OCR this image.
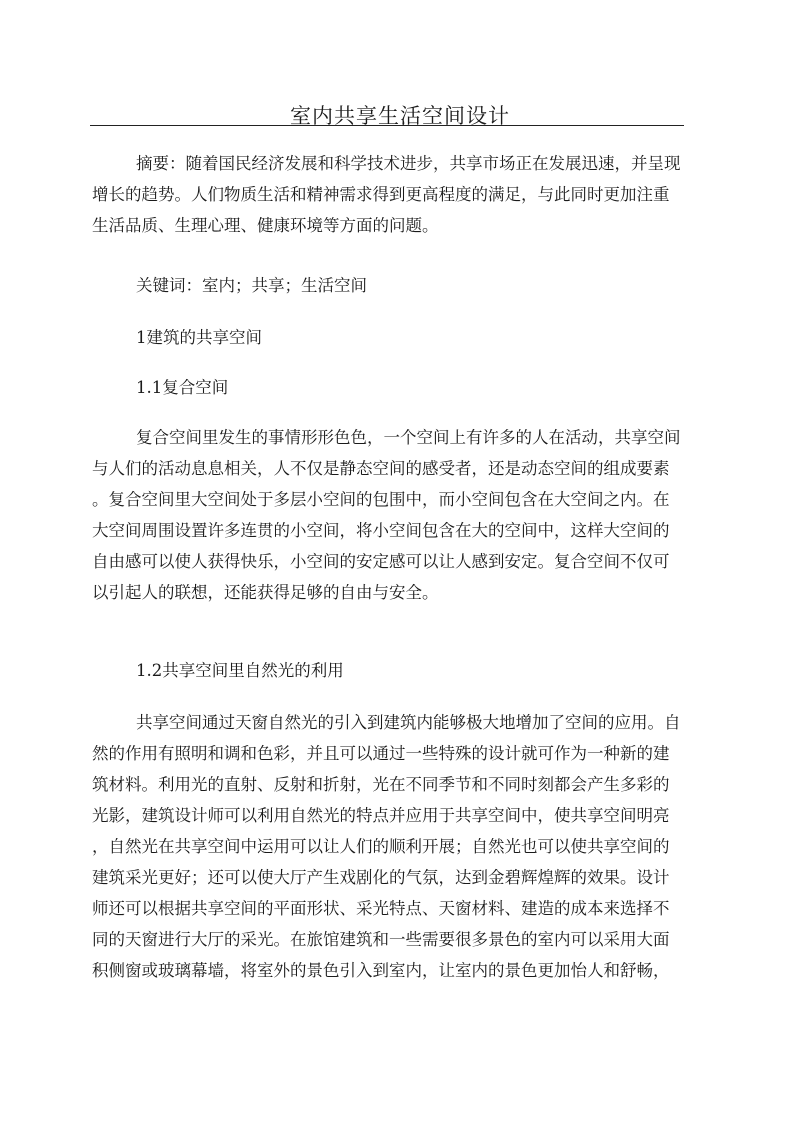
室内共享生活空间设计
摘要：随着国民经济发展和科学技术进步，共享市场正在发展迅速，并呈现
增长的趋势。人们物质生活和精神需求得到更高程度的满足，与此同时更加注重
生活品质、生理心理、健康环境等方面的问题。
关键词：室内；共享；生活空间
1建筑的共享空间
1.1复合空间
复合空间里发生的事情形形色色，一个空间上有许多的人在活动，共享空间
与人们的活动息息相关，人不仅是静态空间的感受者，还是动态空间的组成要素
。复合空间里大空间处于多层小空间的包围中，而小空间包含在大空间之内。在
大空间周围设置许多连贯的小空间，将小空间包含在大的空间中，这样大空间的
自由感可以使人获得快乐，小空间的安定感可以让人感到安定。复合空间不仅可
以引起人的联想，还能获得足够的自由与安全。
1.2共享空间里自然光的利用
共享空间通过天窗自然光的引入到建筑内能够极大地增加了空间的应用。自
然的作用有照明和调和色彩，并且可以通过一些特殊的设计就可作为一种新的建
筑材料。利用光的直射、反射和折射，光在不同季节和不同时刻都会产生多彩的
光影，建筑设计师可以利用自然光的特点并应用于共享空间中，使共享空间明亮
，自然光在共享空间中运用可以让人们的顺利开展；自然光也可以使共享空间的
建筑采光更好；还可以使大厅产生戏剧化的气氛，达到金碧辉煌辉的效果。设计
师还可以根据共享空间的平面形状、采光特点、天窗材料、建造的成本来选择不
同的天窗进行大厅的采光。在旅馆建筑和一些需要很多景色的室内可以采用大面
积侧窗或玻璃幕墙，将室外的景色引入到室内，让室内的景色更加怡人和舒畅，
